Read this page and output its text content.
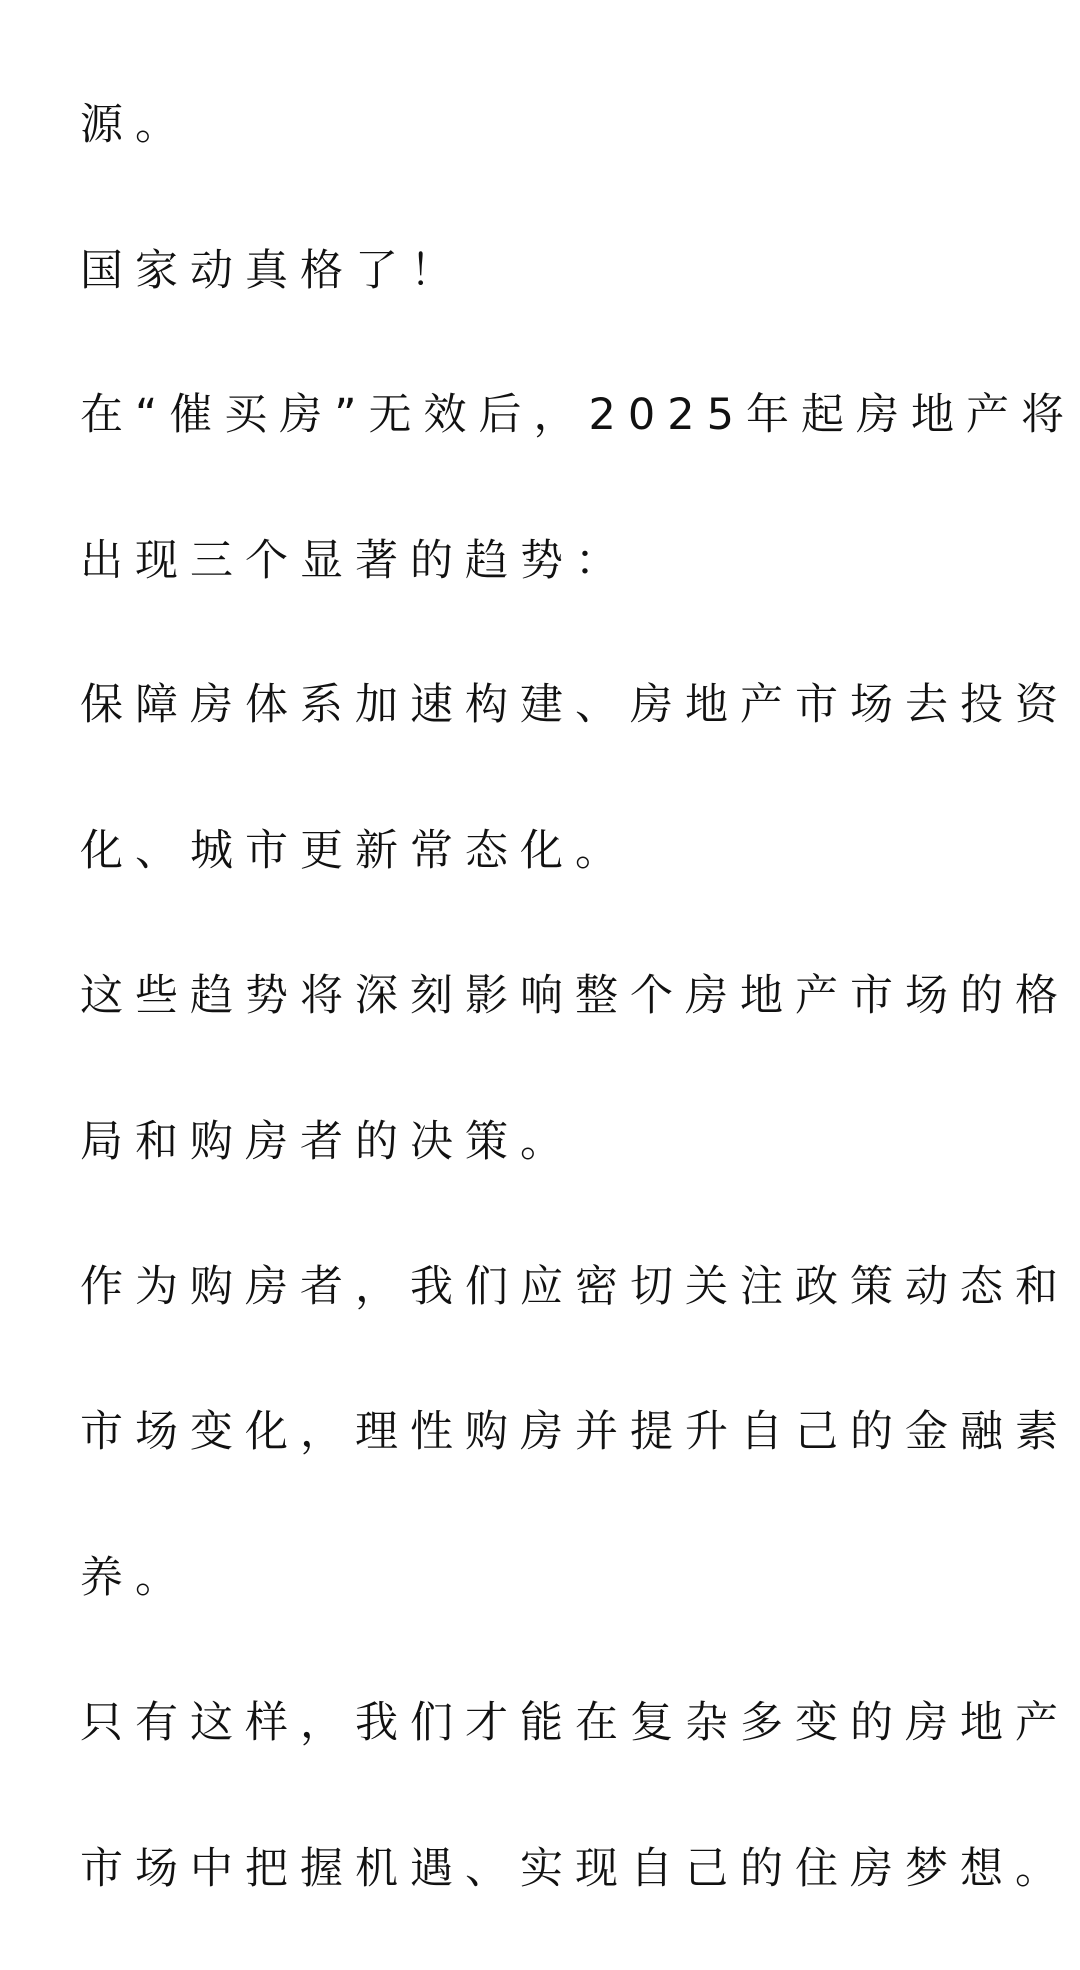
源。
国家动真格了！
在“催买房”无效后，2025年起房地产将
出现三个显著的趋势：
保障房体系加速构建、房地产市场去投资
化、城市更新常态化。
这些趋势将深刻影响整个房地产市场的格
局和购房者的决策。
作为购房者，我们应密切关注政策动态和
市场变化，理性购房并提升自己的金融素
养。
只有这样，我们才能在复杂多变的房地产
市场中把握机遇、实现自己的住房梦想。
